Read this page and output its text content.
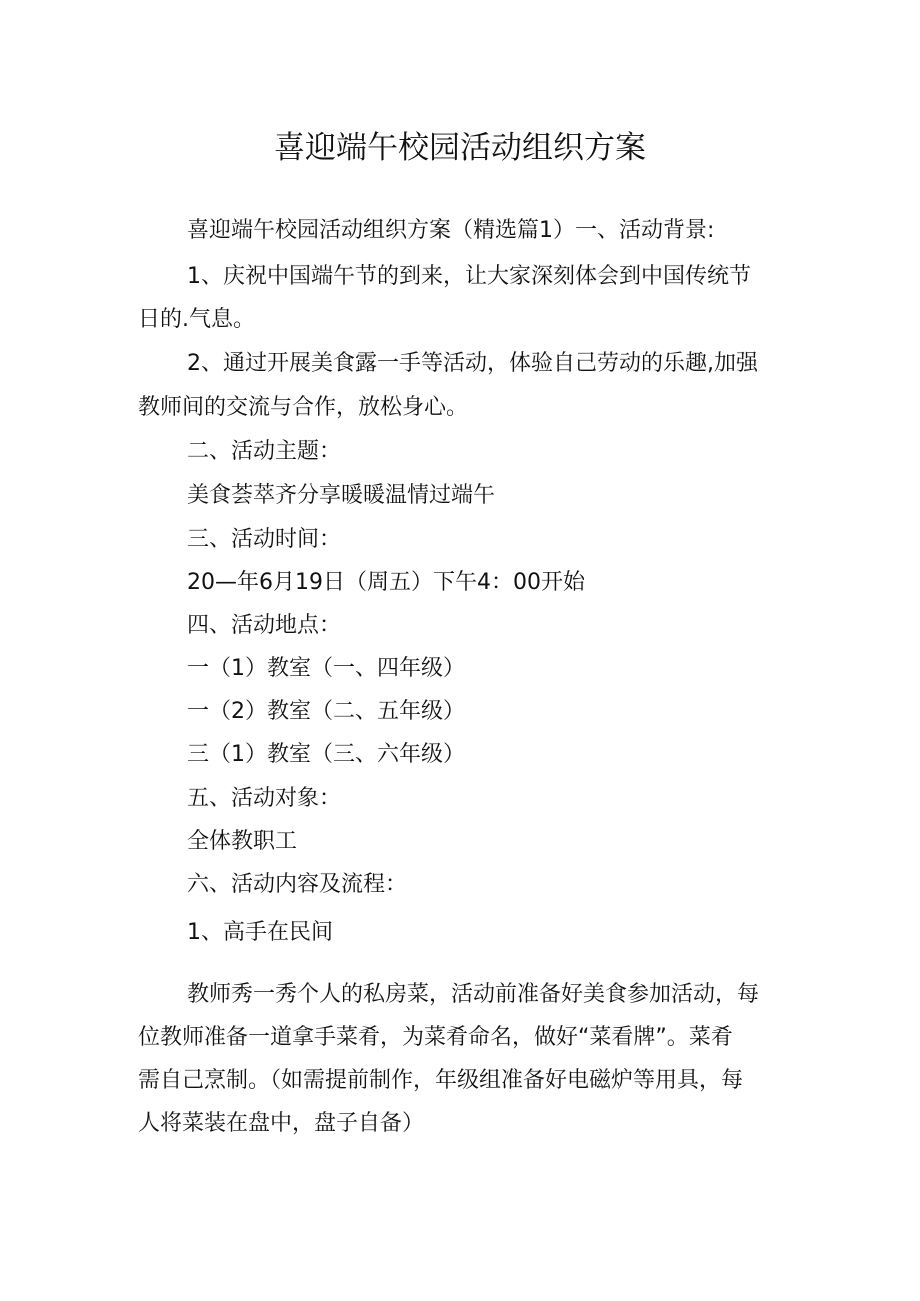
喜迎端午校园活动组织方案
喜迎端午校园活动组织方案（精选篇1）一、活动背景:
1、庆祝中国端午节的到来，让大家深刻体会到中国传统节
日的.气息。
2、通过开展美食露一手等活动，体验自己劳动的乐趣,加强
教师间的交流与合作，放松身心。
二、活动主题：
美食荟萃齐分享暖暖温情过端午
三、活动时间：
20—年6月19日（周五）下午4：00开始
四、活动地点：
一（1）教室（一、四年级）
一（2）教室（二、五年级）
三（1）教室（三、六年级）
五、活动对象：
全体教职工
六、活动内容及流程：
1、高手在民间
教师秀一秀个人的私房菜，活动前准备好美食参加活动，每
位教师准备一道拿手菜肴，为菜肴命名，做好“菜看牌”。菜肴
需自己烹制。（如需提前制作，年级组准备好电磁炉等用具，每
人将菜装在盘中，盘子自备）
